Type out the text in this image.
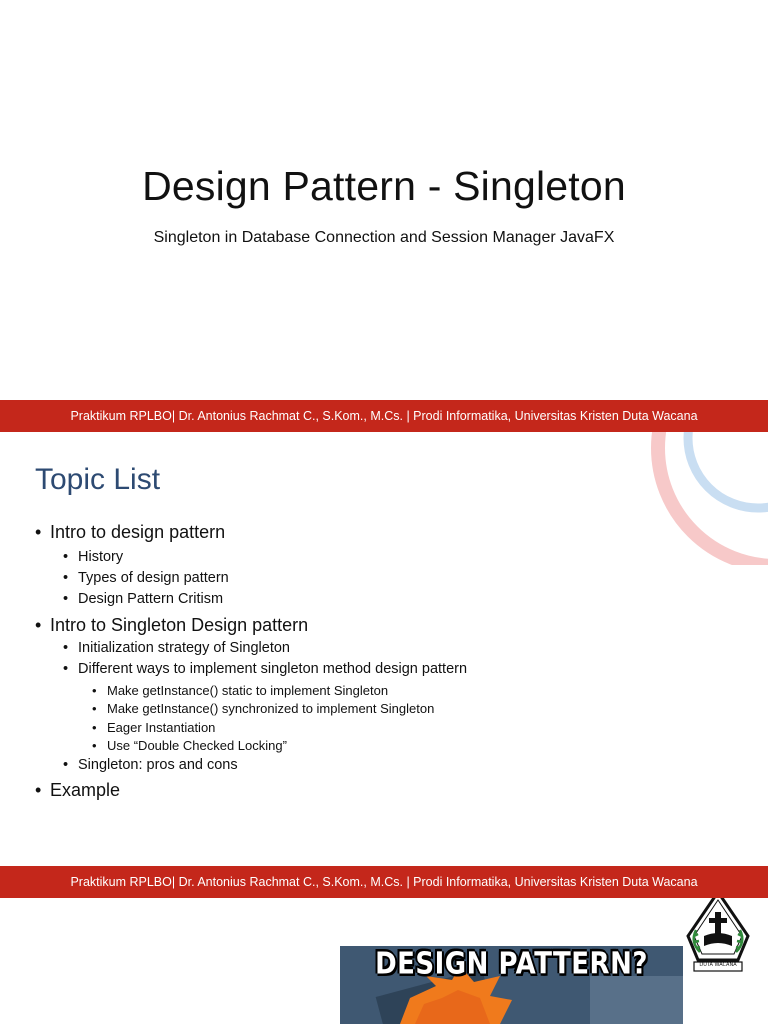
Design Pattern - Singleton
Singleton in Database Connection and Session Manager JavaFX
Praktikum RPLBO| Dr. Antonius Rachmat C., S.Kom., M.Cs. | Prodi Informatika, Universitas Kristen Duta Wacana
Topic List
• Intro to design pattern
• History
• Types of design pattern
• Design Pattern Critism
• Intro to Singleton Design pattern
• Initialization strategy of Singleton
• Different ways to implement singleton method design pattern
• Make getInstance() static to implement Singleton
• Make getInstance() synchronized to implement Singleton
• Eager Instantiation
• Use “Double Checked Locking”
• Singleton: pros and cons
• Example
Praktikum RPLBO| Dr. Antonius Rachmat C., S.Kom., M.Cs. | Prodi Informatika, Universitas Kristen Duta Wacana
DUTA WACANA
DESIGN PATTERN?
